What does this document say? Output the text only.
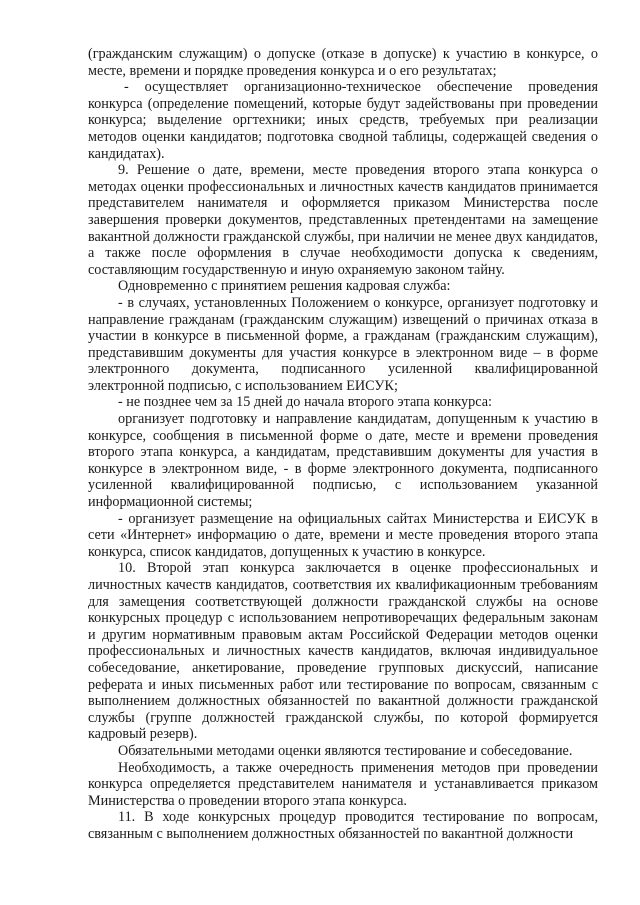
(гражданским служащим) о допуске (отказе в допуске) к участию в конкурсе, о месте, времени и порядке проведения конкурса и о его результатах;

- осуществляет организационно-техническое обеспечение проведения конкурса (определение помещений, которые будут задействованы при проведении конкурса; выделение оргтехники; иных средств, требуемых при реализации методов оценки кандидатов; подготовка сводной таблицы, содержащей сведения о кандидатах).

9. Решение о дате, времени, месте проведения второго этапа конкурса о методах оценки профессиональных и личностных качеств кандидатов принимается представителем нанимателя и оформляется приказом Министерства после завершения проверки документов, представленных претендентами на замещение вакантной должности гражданской службы, при наличии не менее двух кандидатов, а также после оформления в случае необходимости допуска к сведениям, составляющим государственную и иную охраняемую законом тайну.

Одновременно с принятием решения кадровая служба:

- в случаях, установленных Положением о конкурсе, организует подготовку и направление гражданам (гражданским служащим) извещений о причинах отказа в участии в конкурсе в письменной форме, а гражданам (гражданским служащим), представившим документы для участия конкурсе в электронном виде – в форме электронного документа, подписанного усиленной квалифицированной электронной подписью, с использованием ЕИСУК;

- не позднее чем за 15 дней до начала второго этапа конкурса:

организует подготовку и направление кандидатам, допущенным к участию в конкурсе, сообщения в письменной форме о дате, месте и времени проведения второго этапа конкурса, а кандидатам, представившим документы для участия в конкурсе в электронном виде, - в форме электронного документа, подписанного усиленной квалифицированной подписью, с использованием указанной информационной системы;

- организует размещение на официальных сайтах Министерства и ЕИСУК в сети «Интернет» информацию о дате, времени и месте проведения второго этапа конкурса, список кандидатов, допущенных к участию в конкурсе.

10. Второй этап конкурса заключается в оценке профессиональных и личностных качеств кандидатов, соответствия их квалификационным требованиям для замещения соответствующей должности гражданской службы на основе конкурсных процедур с использованием непротиворечащих федеральным законам и другим нормативным правовым актам Российской Федерации методов оценки профессиональных и личностных качеств кандидатов, включая индивидуальное собеседование, анкетирование, проведение групповых дискуссий, написание реферата и иных письменных работ или тестирование по вопросам, связанным с выполнением должностных обязанностей по вакантной должности гражданской службы (группе должностей гражданской службы, по которой формируется кадровый резерв).

Обязательными методами оценки являются тестирование и собеседование.

Необходимость, а также очередность применения методов при проведении конкурса определяется представителем нанимателя и устанавливается приказом Министерства о проведении второго этапа конкурса.

11. В ходе конкурсных процедур проводится тестирование по вопросам, связанным с выполнением должностных обязанностей по вакантной должности
